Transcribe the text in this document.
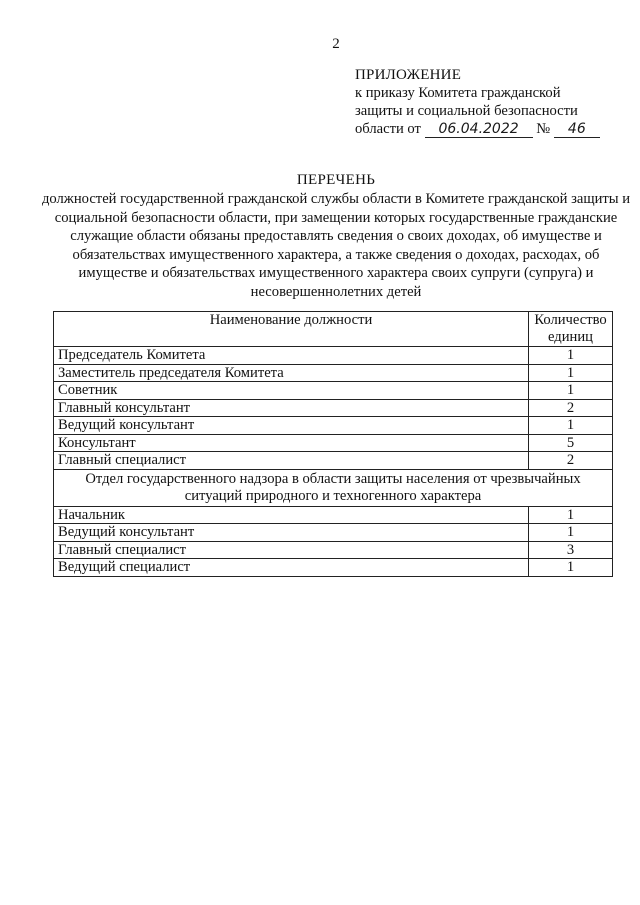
2
ПРИЛОЖЕНИЕ
к приказу Комитета гражданской
защиты и социальной безопасности
области от 06.04.2022 № 46
ПЕРЕЧЕНЬ
должностей государственной гражданской службы области в Комитете гражданской защиты и социальной безопасности области, при замещении которых государственные гражданские служащие области обязаны предоставлять сведения о своих доходах, об имуществе и обязательствах имущественного характера, а также сведения о доходах, расходах, об имуществе и обязательствах имущественного характера своих супруги (супруга) и несовершеннолетних детей
Наименование должности	Количество единиц
Председатель Комитета	1
Заместитель председателя Комитета	1
Советник	1
Главный консультант	2
Ведущий консультант	1
Консультант	5
Главный специалист	2
Отдел государственного надзора в области защиты населения от чрезвычайных ситуаций природного и техногенного характера	
Начальник	1
Ведущий консультант	1
Главный специалист	3
Ведущий специалист	1
